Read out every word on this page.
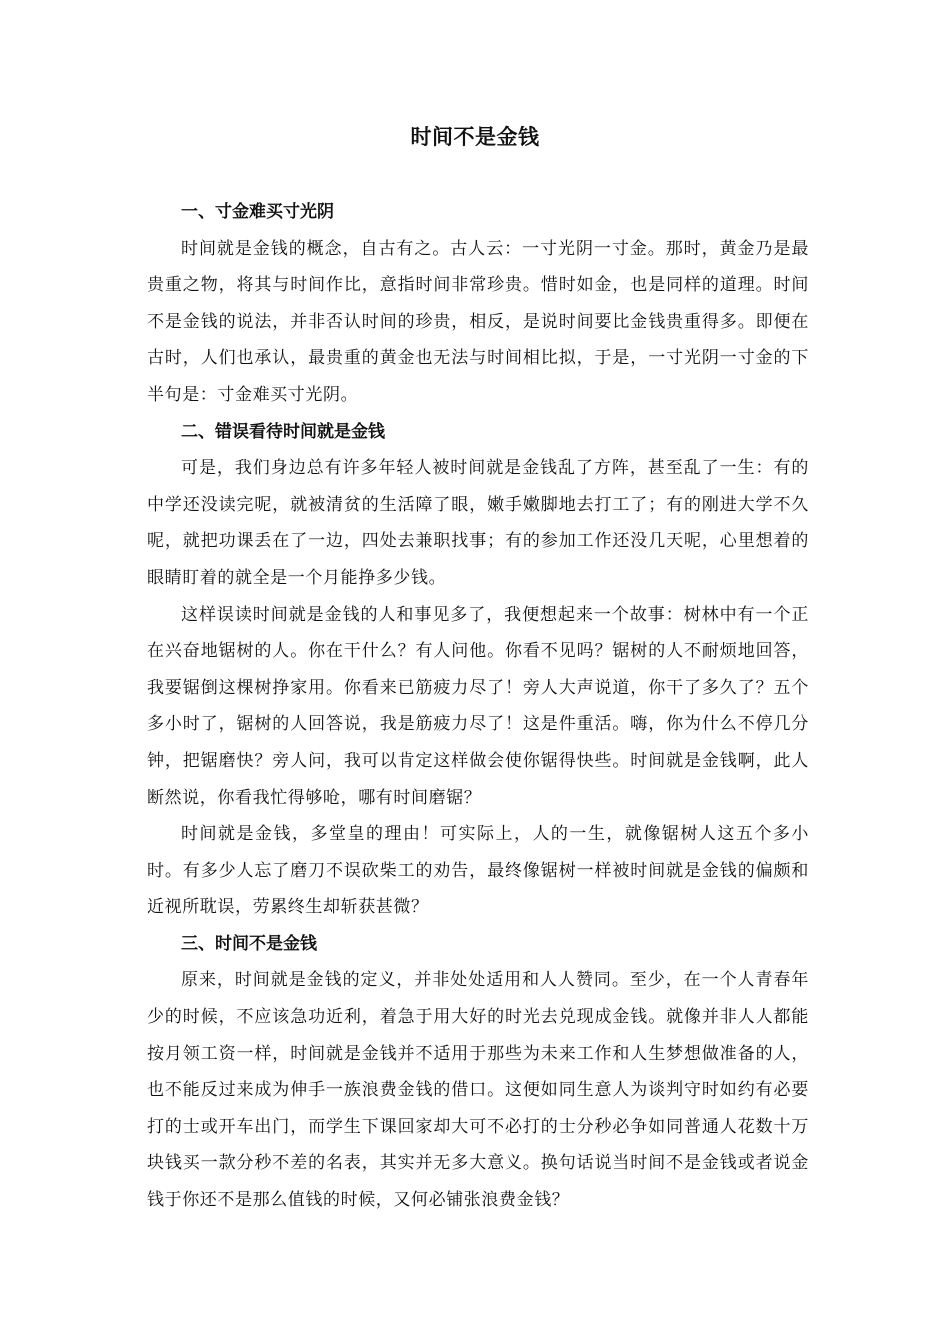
时间不是金钱
一、寸金难买寸光阴

时间就是金钱的概念，自古有之。古人云：一寸光阴一寸金。那时，黄金乃是最贵重之物，将其与时间作比，意指时间非常珍贵。惜时如金，也是同样的道理。时间不是金钱的说法，并非否认时间的珍贵，相反，是说时间要比金钱贵重得多。即便在古时，人们也承认，最贵重的黄金也无法与时间相比拟，于是，一寸光阴一寸金的下半句是：寸金难买寸光阴。

二、错误看待时间就是金钱

可是，我们身边总有许多年轻人被时间就是金钱乱了方阵，甚至乱了一生：有的中学还没读完呢，就被清贫的生活障了眼，嫩手嫩脚地去打工了；有的刚进大学不久呢，就把功课丢在了一边，四处去兼职找事；有的参加工作还没几天呢，心里想着的眼睛盯着的就全是一个月能挣多少钱。

这样误读时间就是金钱的人和事见多了，我便想起来一个故事：树林中有一个正在兴奋地锯树的人。你在干什么？有人问他。你看不见吗？锯树的人不耐烦地回答，我要锯倒这棵树挣家用。你看来已筋疲力尽了！旁人大声说道，你干了多久了？五个多小时了，锯树的人回答说，我是筋疲力尽了！这是件重活。嗨，你为什么不停几分钟，把锯磨快？旁人问，我可以肯定这样做会使你锯得快些。时间就是金钱啊，此人断然说，你看我忙得够呛，哪有时间磨锯？

时间就是金钱，多堂皇的理由！可实际上，人的一生，就像锯树人这五个多小时。有多少人忘了磨刀不误砍柴工的劝告，最终像锯树一样被时间就是金钱的偏颇和近视所耽误，劳累终生却斩获甚微？

三、时间不是金钱

原来，时间就是金钱的定义，并非处处适用和人人赞同。至少，在一个人青春年少的时候，不应该急功近利，着急于用大好的时光去兑现成金钱。就像并非人人都能按月领工资一样，时间就是金钱并不适用于那些为未来工作和人生梦想做准备的人，也不能反过来成为伸手一族浪费金钱的借口。这便如同生意人为谈判守时如约有必要打的士或开车出门，而学生下课回家却大可不必打的士分秒必争如同普通人花数十万块钱买一款分秒不差的名表，其实并无多大意义。换句话说当时间不是金钱或者说金钱于你还不是那么值钱的时候，又何必铺张浪费金钱？
